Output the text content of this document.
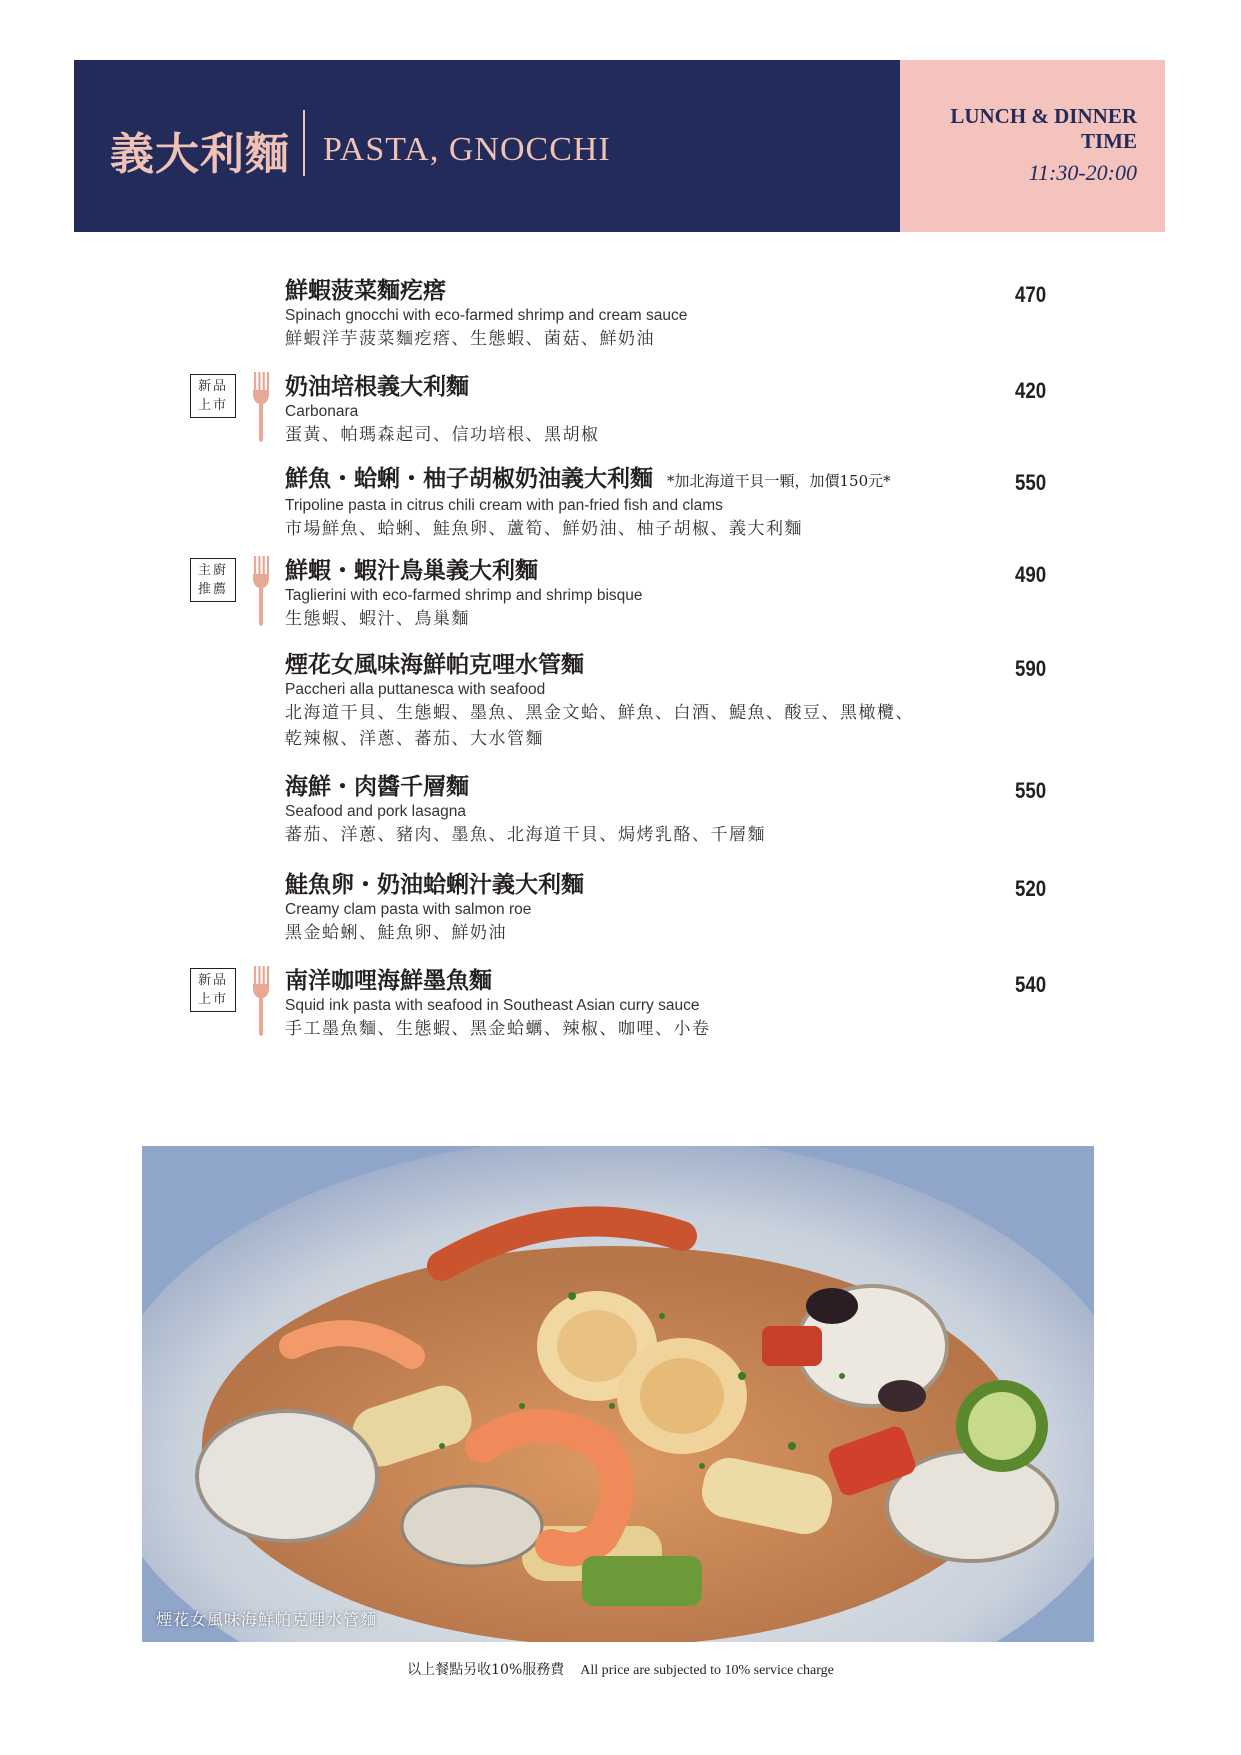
義大利麵 PASTA, GNOCCHI
LUNCH & DINNER
TIME
11:30-20:00
鮮蝦菠菜麵疙瘩
Spinach gnocchi with eco-farmed shrimp and cream sauce
鮮蝦洋芋菠菜麵疙瘩、生態蝦、菌菇、鮮奶油
470
新品
上市
奶油培根義大利麵
Carbonara
蛋黃、帕瑪森起司、信功培根、黑胡椒
420
鮮魚・蛤蜊・柚子胡椒奶油義大利麵 *加北海道干貝一顆，加價150元*
Tripoline pasta in citrus chili cream with pan-fried fish and clams
市場鮮魚、蛤蜊、鮭魚卵、蘆筍、鮮奶油、柚子胡椒、義大利麵
550
主廚
推薦
鮮蝦・蝦汁鳥巢義大利麵
Taglierini with eco-farmed shrimp and shrimp bisque
生態蝦、蝦汁、鳥巢麵
490
煙花女風味海鮮帕克哩水管麵
Paccheri alla puttanesca with seafood
北海道干貝、生態蝦、墨魚、黑金文蛤、鮮魚、白酒、鯷魚、酸豆、黑橄欖、
乾辣椒、洋蔥、蕃茄、大水管麵
590
海鮮・肉醬千層麵
Seafood and pork lasagna
蕃茄、洋蔥、豬肉、墨魚、北海道干貝、焗烤乳酪、千層麵
550
鮭魚卵・奶油蛤蜊汁義大利麵
Creamy clam pasta with salmon roe
黑金蛤蜊、鮭魚卵、鮮奶油
520
新品
上市
南洋咖哩海鮮墨魚麵
Squid ink pasta with seafood in Southeast Asian curry sauce
手工墨魚麵、生態蝦、黑金蛤蠣、辣椒、咖哩、小卷
540
煙花女風味海鮮帕克哩水管麵
以上餐點另收10%服務費 All price are subjected to 10% service charge
